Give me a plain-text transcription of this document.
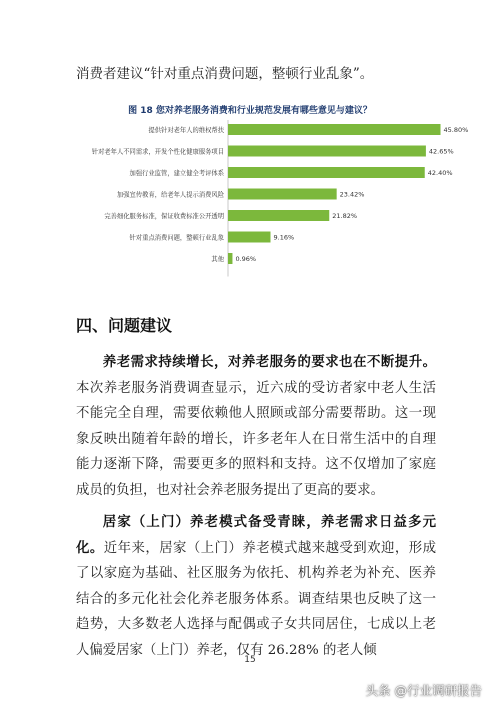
消费者建议“针对重点消费问题，整顿行业乱象”。
图 18 您对养老服务消费和行业规范发展有哪些意见与建议？
提供针对老年人的维权帮扶	45.80%
针对老年人不同需求，开发个性化健康服务项目	42.65%
加强行业监管，建立健全考评体系	42.40%
加强宣传教育，给老年人提示消费风险	23.42%
完善细化服务标准，保证收费标准公开透明	21.82%
针对重点消费问题，整顿行业乱象	9.16%
其他 0.96%
四、问题建议

养老需求持续增长，对养老服务的要求也在不断提升。本次养老服务消费调查显示，近六成的受访者家中老人生活不能完全自理，需要依赖他人照顾或部分需要帮助。这一现象反映出随着年龄的增长，许多老年人在日常生活中的自理能力逐渐下降，需要更多的照料和支持。这不仅增加了家庭成员的负担，也对社会养老服务提出了更高的要求。

居家（上门）养老模式备受青睐，养老需求日益多元化。近年来，居家（上门）养老模式越来越受到欢迎，形成了以家庭为基础、社区服务为依托、机构养老为补充、医养结合的多元化社会化养老服务体系。调查结果也反映了这一趋势，大多数老人选择与配偶或子女共同居住，七成以上老人偏爱居家（上门）养老，仅有 26.28% 的老人倾

15
头条 @行业调研报告
